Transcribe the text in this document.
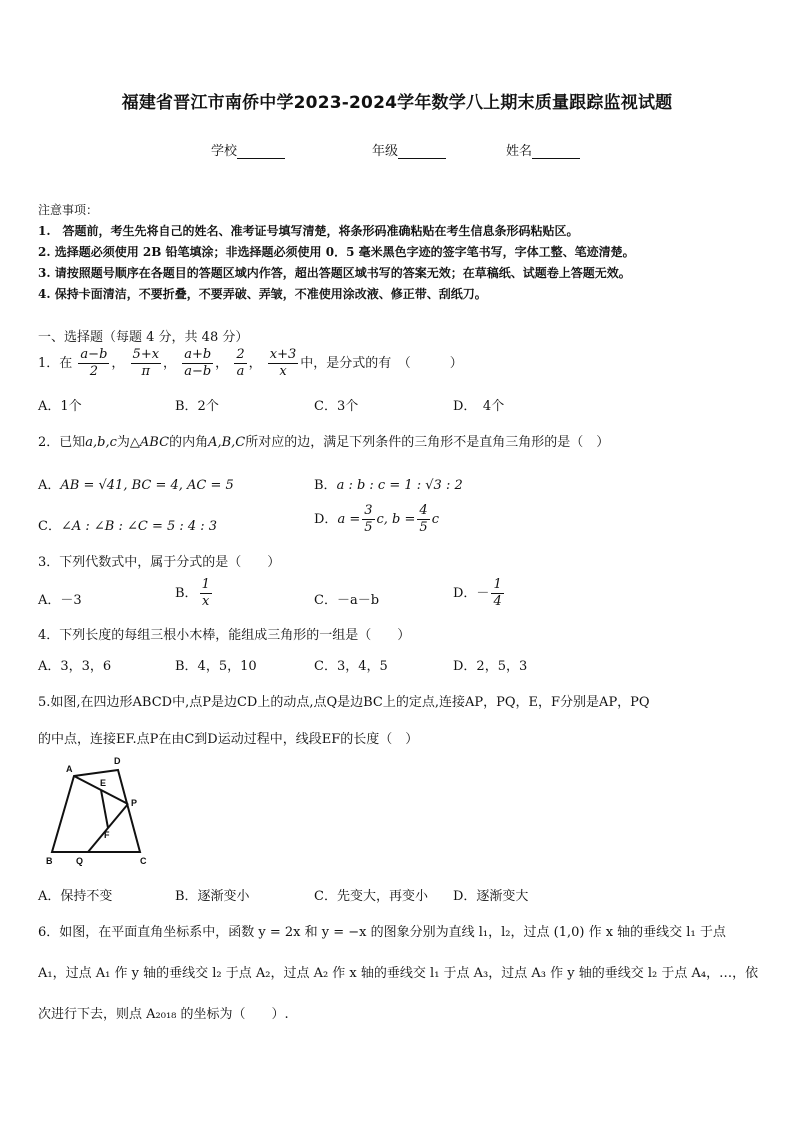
福建省晋江市南侨中学2023-2024学年数学八上期末质量跟踪监视试题
学校	年级	姓名
注意事项：
1.　答题前，考生先将自己的姓名、准考证号填写清楚，将条形码准确粘贴在考生信息条形码粘贴区。
2. 选择题必须使用 2B 铅笔填涂；非选择题必须使用 0．5 毫米黑色字迹的签字笔书写，字体工整、笔迹清楚。
3. 请按照题号顺序在各题目的答题区域内作答，超出答题区域书写的答案无效；在草稿纸、试题卷上答题无效。
4. 保持卡面清洁，不要折叠，不要弄破、弄皱，不准使用涂改液、修正带、刮纸刀。
一、选择题（每题 4 分，共 48 分）
1．在 $\frac{a-b}{2}$ ， $\frac{5+x}{\pi}$ ， $\frac{a+b}{a-b}$ ， $\frac{2}{a}$ ， $\frac{x+3}{x}$ 中，是分式的有　（　　　）
A．1个	B．2个	C．3个	D．　4个
2．已知a,b,c为△ABC的内角A,B,C所对应的边，满足下列条件的三角形不是直角三角形的是（　）
A．AB = √41, BC = 4, AC = 5	B．a : b : c = 1 : √3 : 2
C．∠A : ∠B : ∠C = 5 : 4 : 3	D．$a = \frac{3}{5} c$, $b = \frac{4}{5}$ c
3．下列代数式中，属于分式的是（　　）
A．－3	B． $\frac{1}{x}$	C．－a－b	D．－ $\frac{1}{4}$
4．下列长度的每组三根小木棒，能组成三角形的一组是（　　）
A．3，3，6	B．4，5，10	C．3，4，5	D．2，5，3
5.如图,在四边形ABCD中,点P是边CD上的动点,点Q是边BC上的定点,连接AP，PQ，E，F分别是AP，PQ
的中点，连接EF.点P在由C到D运动过程中，线段EF的长度（　）
A
D
E
P
F
B	Q	C
A．保持不变	B．逐渐变小	C．先变大，再变小 D．逐渐变大
6．如图，在平面直角坐标系中，函数 y = 2x 和 y = −x 的图象分别为直线 l₁，l₂，过点 (1,0) 作 x 轴的垂线交 l₁ 于点
A₁，过点 A₁ 作 y 轴的垂线交 l₂ 于点 A₂，过点 A₂ 作 x 轴的垂线交 l₁ 于点 A₃，过点 A₃ 作 y 轴的垂线交 l₂ 于点 A₄，…，依
次进行下去，则点 A₂₀₁₈ 的坐标为（　　）.
